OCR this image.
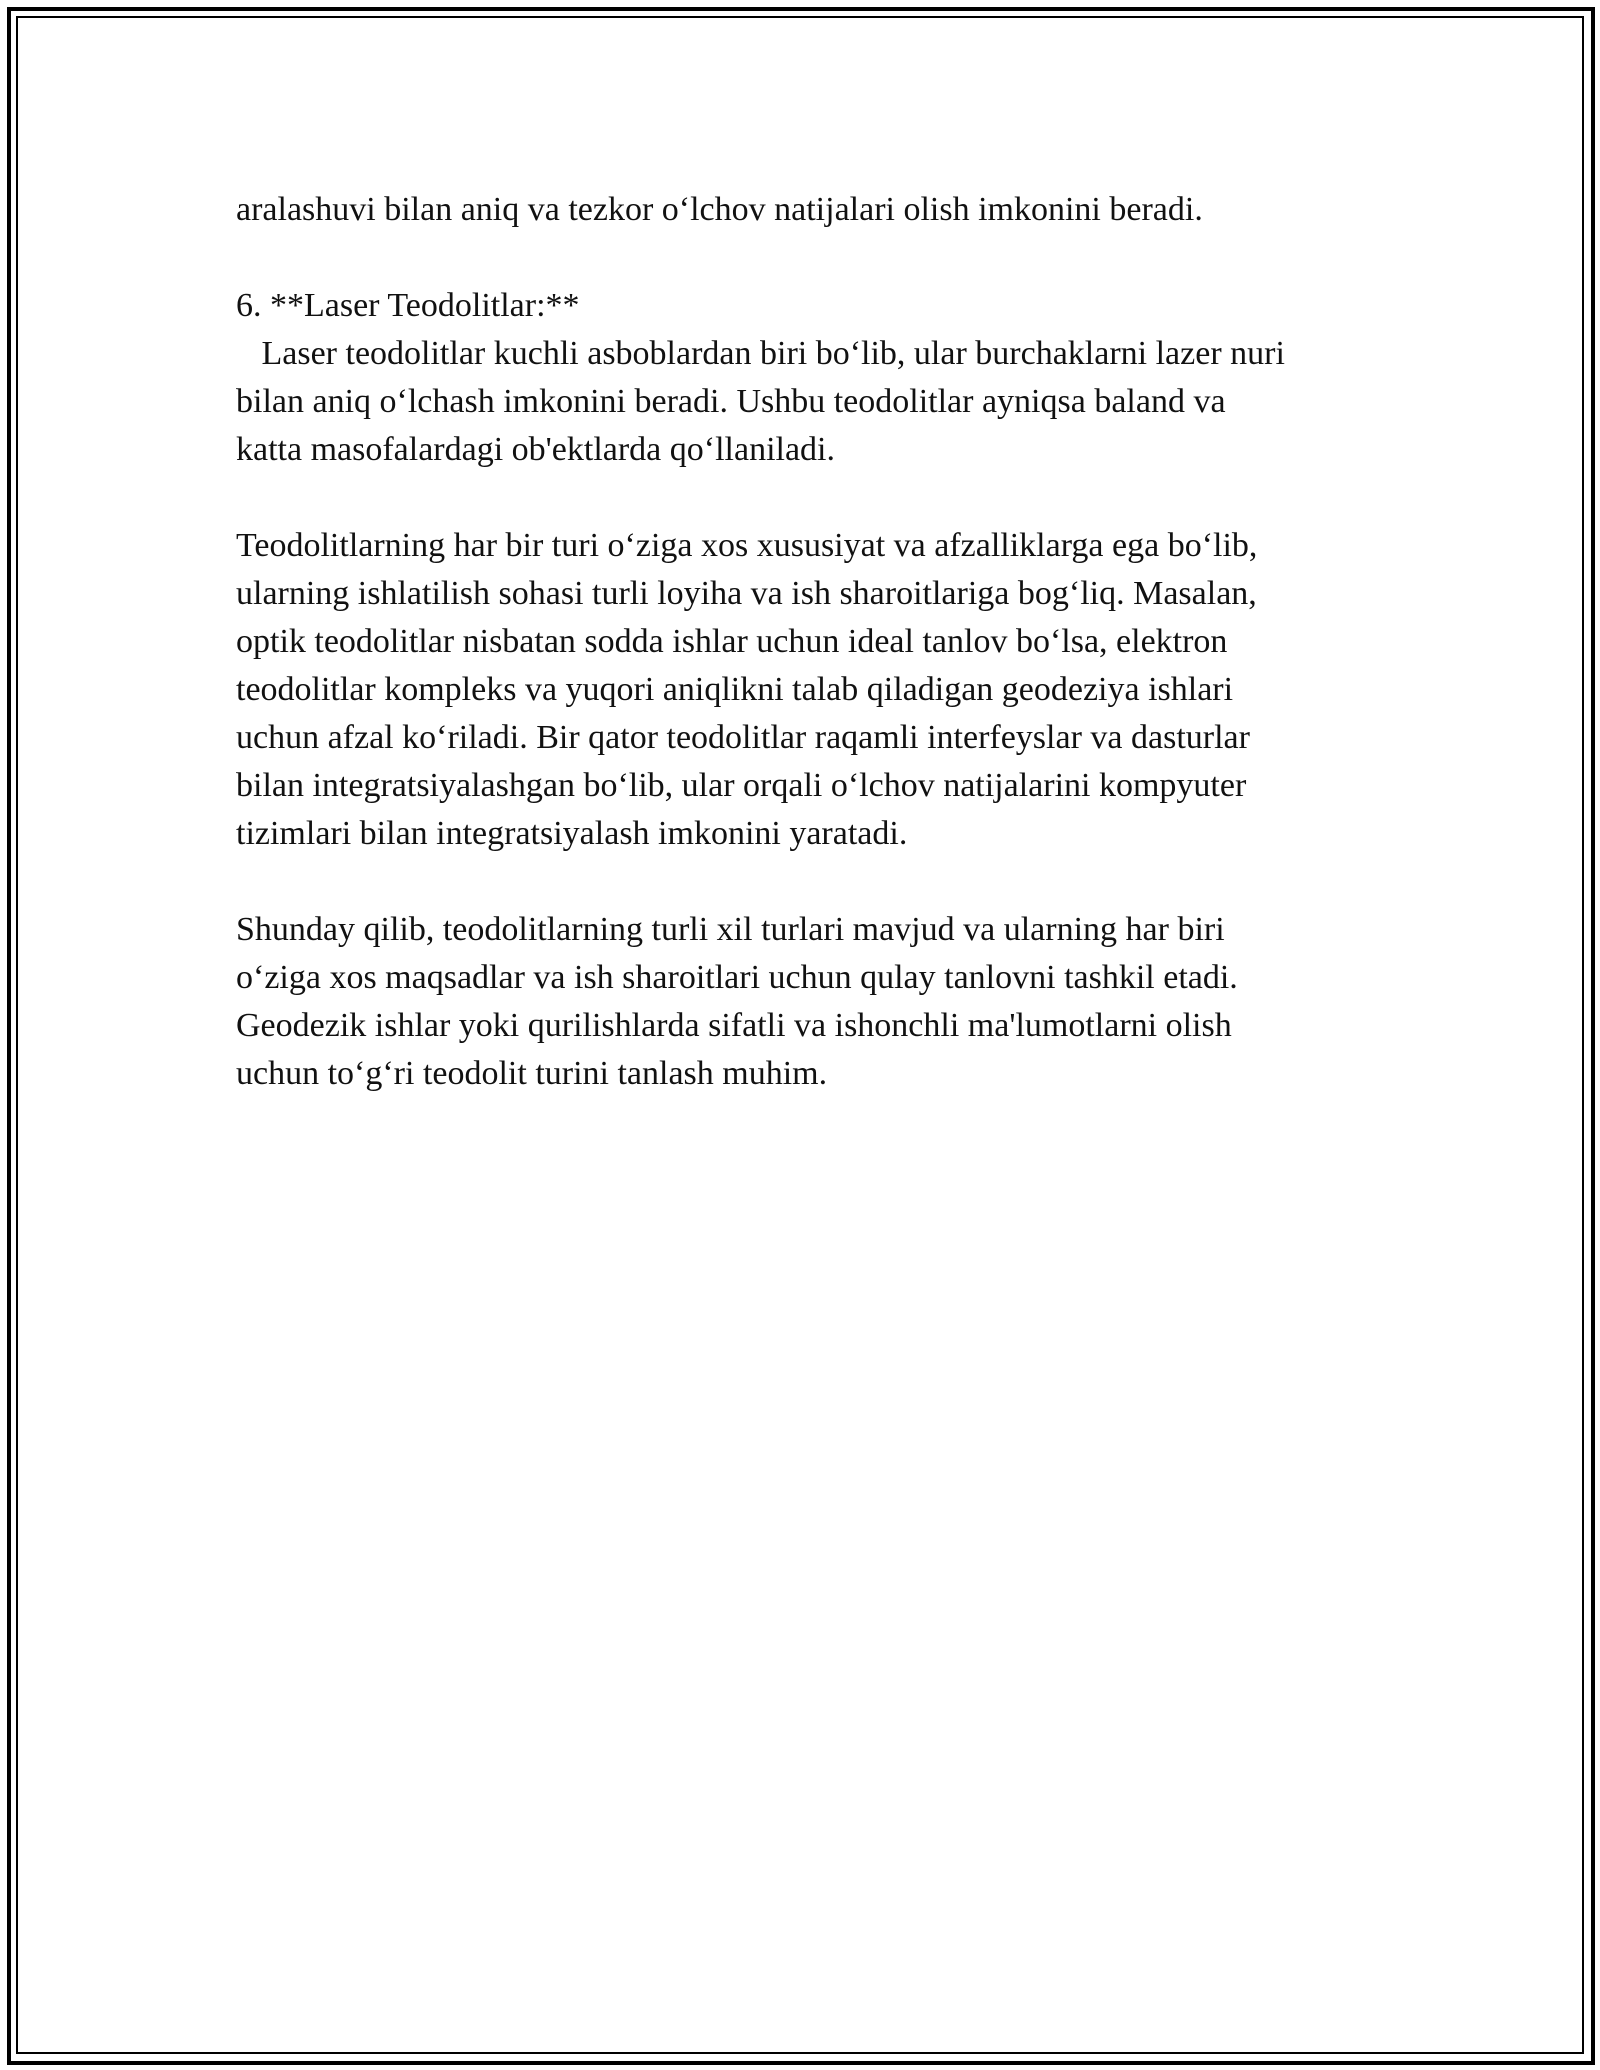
aralashuvi bilan aniq va tezkor o‘lchov natijalari olish imkonini beradi.
6. **Laser Teodolitlar:**
Laser teodolitlar kuchli asboblardan biri bo‘lib, ular burchaklarni lazer nuri
bilan aniq o‘lchash imkonini beradi. Ushbu teodolitlar ayniqsa baland va
katta masofalardagi ob'ektlarda qo‘llaniladi.
Teodolitlarning har bir turi o‘ziga xos xususiyat va afzalliklarga ega bo‘lib,
ularning ishlatilish sohasi turli loyiha va ish sharoitlariga bog‘liq. Masalan,
optik teodolitlar nisbatan sodda ishlar uchun ideal tanlov bo‘lsa, elektron
teodolitlar kompleks va yuqori aniqlikni talab qiladigan geodeziya ishlari
uchun afzal ko‘riladi. Bir qator teodolitlar raqamli interfeyslar va dasturlar
bilan integratsiyalashgan bo‘lib, ular orqali o‘lchov natijalarini kompyuter
tizimlari bilan integratsiyalash imkonini yaratadi.
Shunday qilib, teodolitlarning turli xil turlari mavjud va ularning har biri
o‘ziga xos maqsadlar va ish sharoitlari uchun qulay tanlovni tashkil etadi.
Geodezik ishlar yoki qurilishlarda sifatli va ishonchli ma'lumotlarni olish
uchun to‘g‘ri teodolit turini tanlash muhim.
